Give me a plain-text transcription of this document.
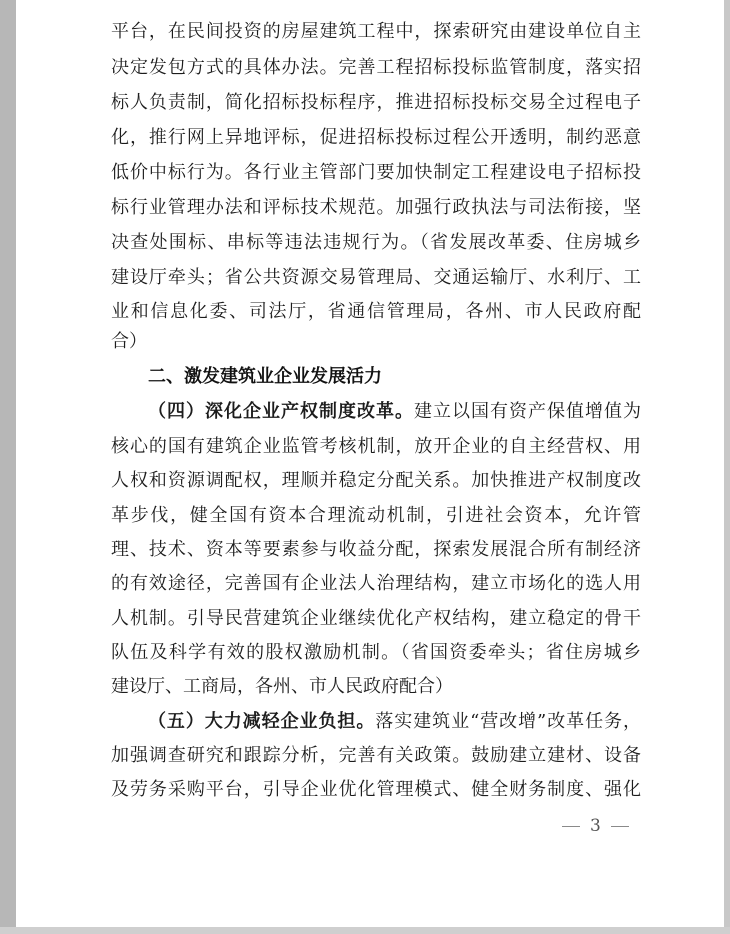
平台，在民间投资的房屋建筑工程中，探索研究由建设单位自主
决定发包方式的具体办法。完善工程招标投标监管制度，落实招
标人负责制，简化招标投标程序，推进招标投标交易全过程电子
化，推行网上异地评标，促进招标投标过程公开透明，制约恶意
低价中标行为。各行业主管部门要加快制定工程建设电子招标投
标行业管理办法和评标技术规范。加强行政执法与司法衔接，坚
决查处围标、串标等违法违规行为。（省发展改革委、住房城乡
建设厅牵头；省公共资源交易管理局、交通运输厅、水利厅、工
业和信息化委、司法厅，省通信管理局，各州、市人民政府配
合）
二、激发建筑业企业发展活力
（四）深化企业产权制度改革。建立以国有资产保值增值为
核心的国有建筑企业监管考核机制，放开企业的自主经营权、用
人权和资源调配权，理顺并稳定分配关系。加快推进产权制度改
革步伐，健全国有资本合理流动机制，引进社会资本，允许管
理、技术、资本等要素参与收益分配，探索发展混合所有制经济
的有效途径，完善国有企业法人治理结构，建立市场化的选人用
人机制。引导民营建筑企业继续优化产权结构，建立稳定的骨干
队伍及科学有效的股权激励机制。（省国资委牵头；省住房城乡
建设厅、工商局，各州、市人民政府配合）
（五）大力减轻企业负担。落实建筑业“营改增”改革任务，
加强调查研究和跟踪分析，完善有关政策。鼓励建立建材、设备
及劳务采购平台，引导企业优化管理模式、健全财务制度、强化
3
